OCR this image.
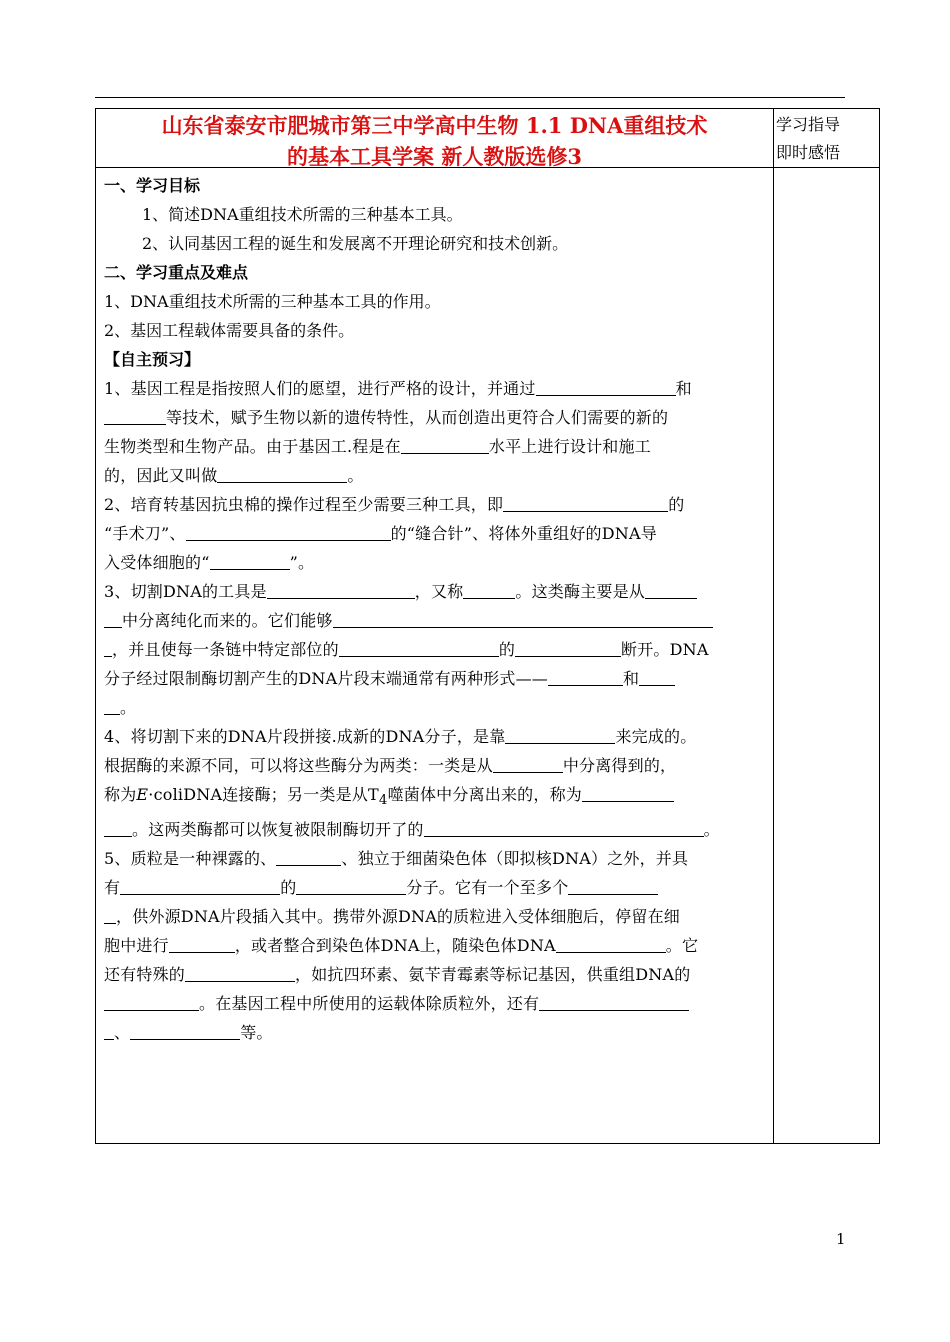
山东省泰安市肥城市第三中学高中生物 1.1 DNA重组技术

的基本工具学案 新人教版选修3

学习指导
即时感悟

一、学习目标

1、简述DNA重组技术所需的三种基本工具。

2、认同基因工程的诞生和发展离不开理论研究和技术创新。

二、学习重点及难点

1、DNA重组技术所需的三种基本工具的作用。

2、基因工程载体需要具备的条件。

【自主预习】

1、基因工程是指按照人们的愿望，进行严格的设计，并通过	和
等技术，赋予生物以新的遗传特性，从而创造出更符合人们需要的新的
生物类型和生物产品。由于基因工.程是在	水平上进行设计和施工
的，因此又叫做	。

2、培育转基因抗虫棉的操作过程至少需要三种工具，即	的
“手术刀”、	的“缝合针”、将体外重组好的DNA导
入受体细胞的“	”。

3、切割DNA的工具是	，又称	。这类酶主要是从
中分离纯化而来的。它们能够
，并且使每一条链中特定部位的	的	断开。DNA
分子经过限制酶切割产生的DNA片段末端通常有两种形式——	和
。

4、将切割下来的DNA片段拼接.成新的DNA分子，是靠	来完成的。
根据酶的来源不同，可以将这些酶分为两类：一类是从	中分离得到的，
称为E·coliDNA连接酶；另一类是从$T_4$噬菌体中分离出来的，称为
。这两类酶都可以恢复被限制酶切开了的	。

5、质粒是一种裸露的、	、独立于细菌染色体（即拟核DNA）之外，并具
有	的	分子。它有一个至多个
，供外源DNA片段插入其中。携带外源DNA的质粒进入受体细胞后，停留在细
胞中进行	，或者整合到染色体DNA上，随染色体DNA	。它
还有特殊的	，如抗四环素、氨苄青霉素等标记基因，供重组DNA的
。在基因工程中所使用的运载体除质粒外，还有
、	等。

1
